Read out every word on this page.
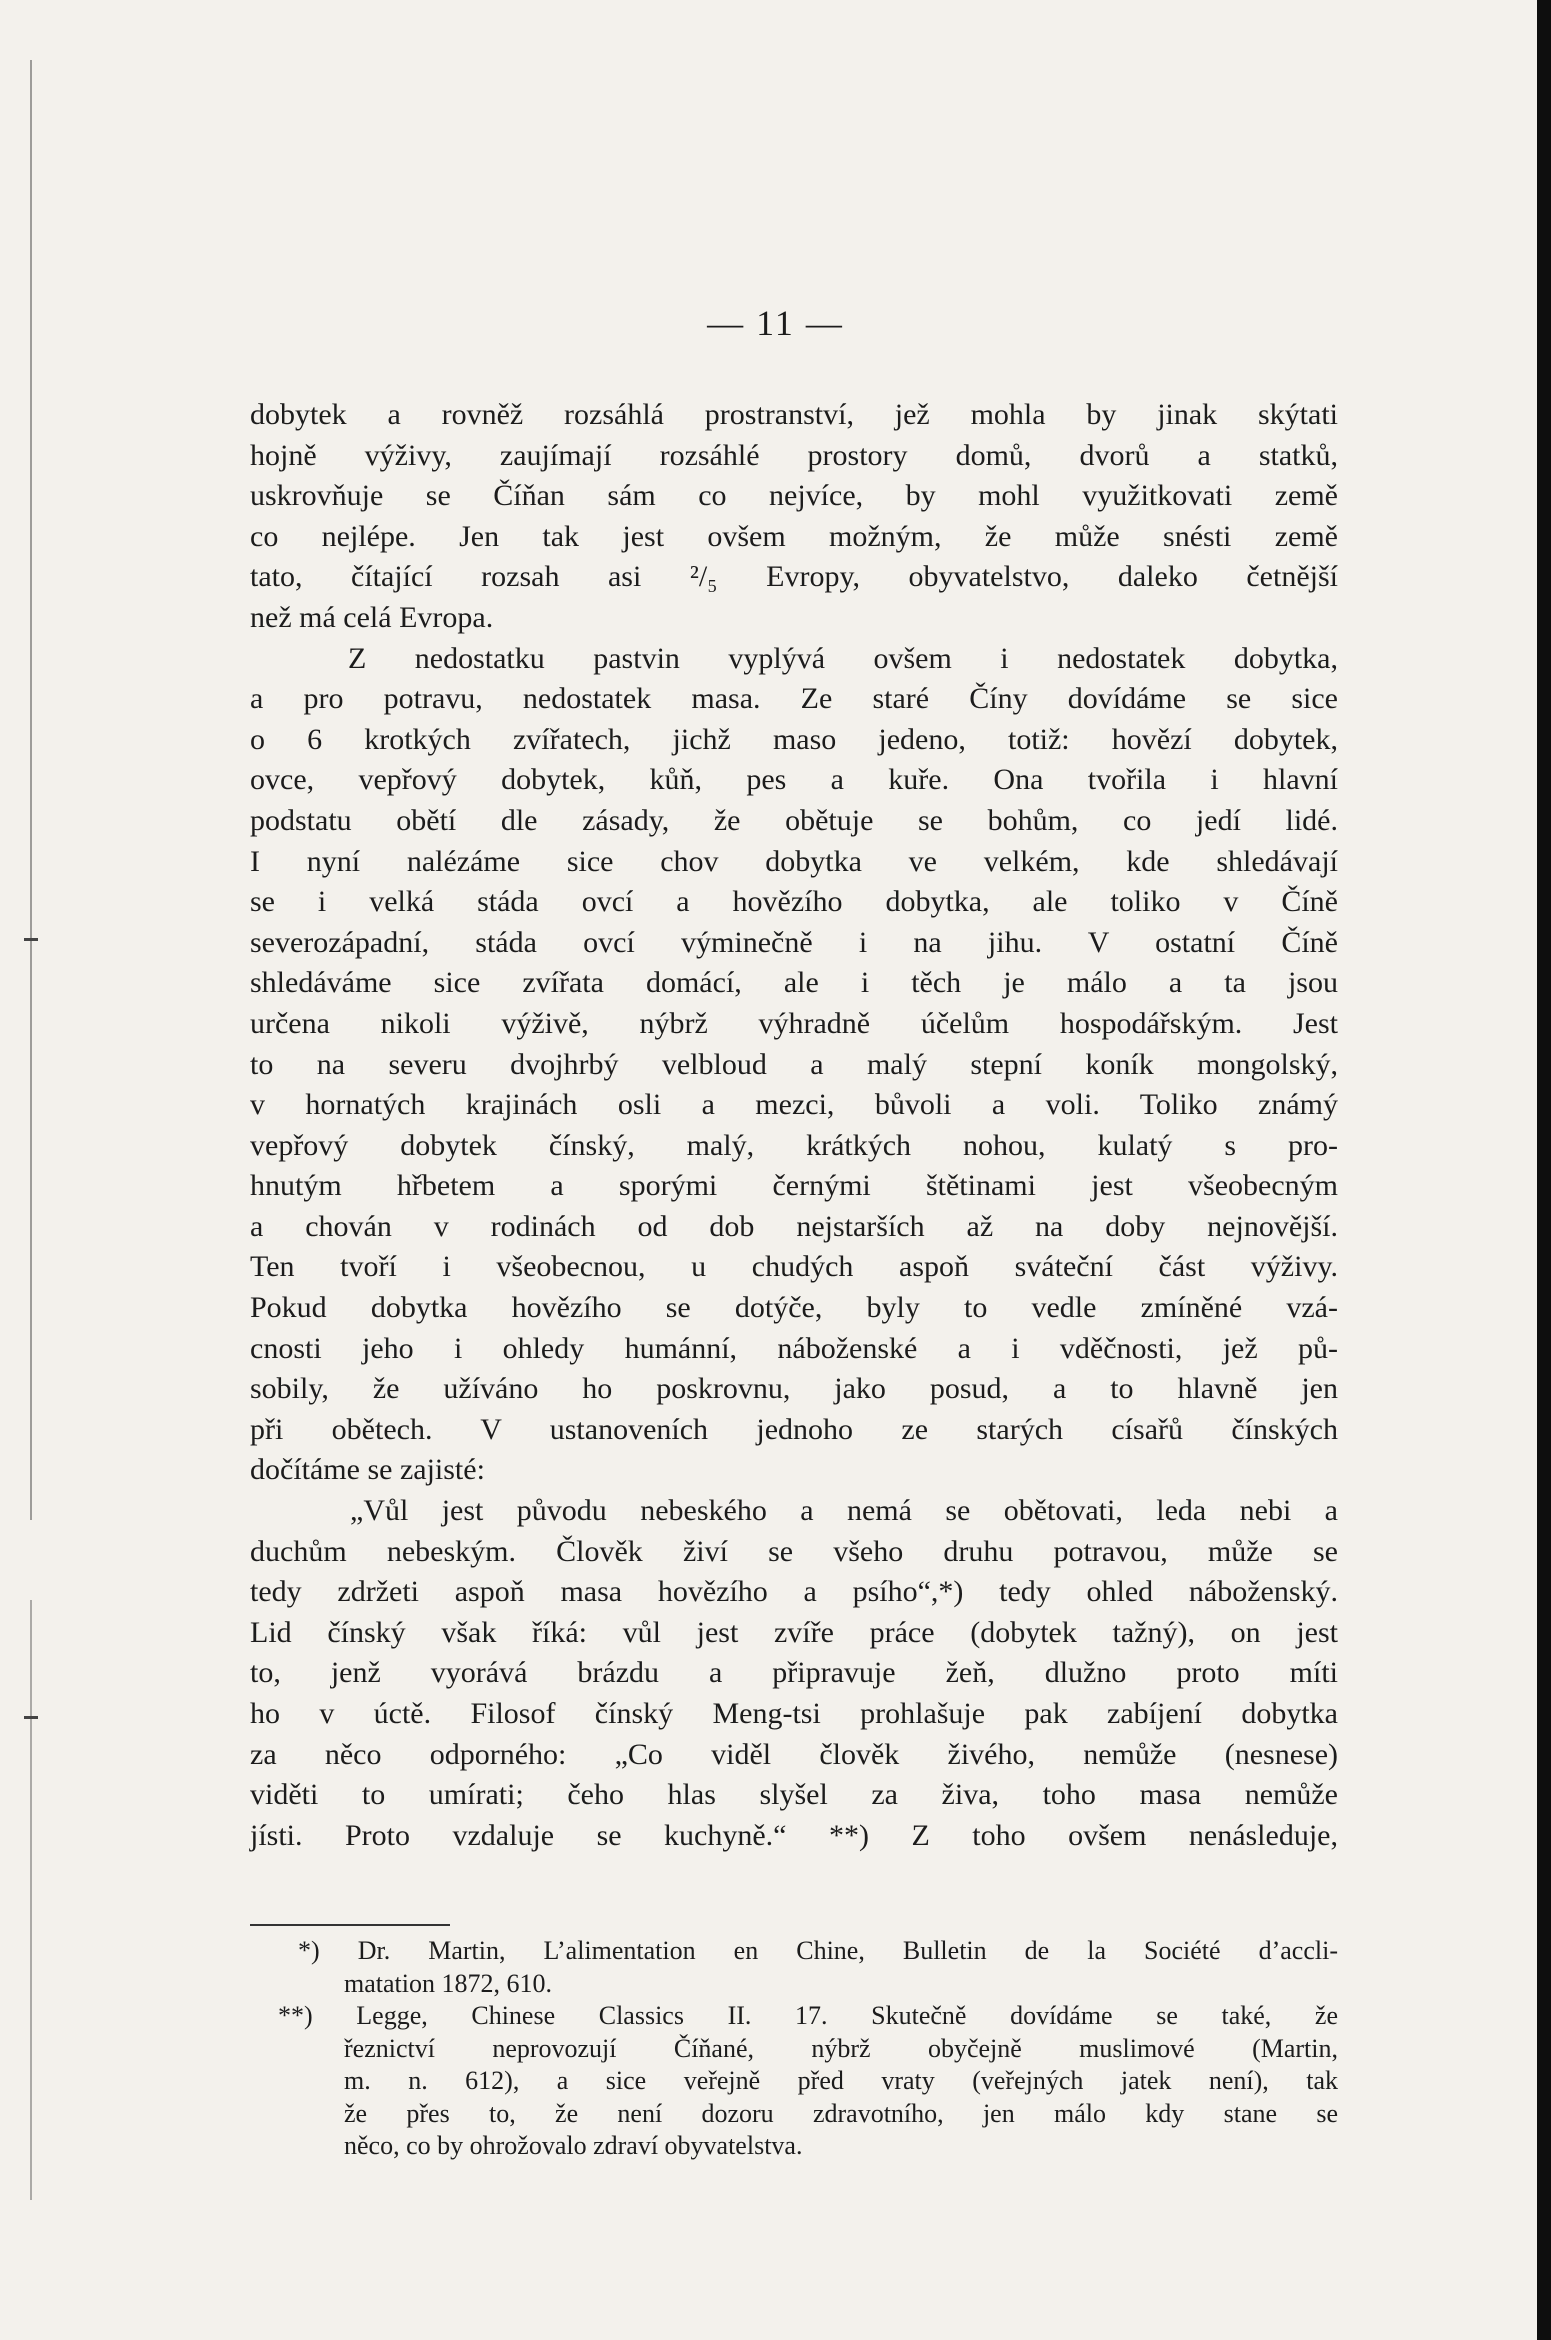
— 11 —
dobytek a rovněž rozsáhlá prostranství, jež mohla by jinak skýtati
hojně výživy, zaujímají rozsáhlé prostory domů, dvorů a statků,
uskrovňuje se Číňan sám co nejvíce, by mohl využitkovati země
co nejlépe. Jen tak jest ovšem možným, že může snésti země
tato, čítající rozsah asi ²/₅ Evropy, obyvatelstvo, daleko četnější
než má celá Evropa.
Z nedostatku pastvin vyplývá ovšem i nedostatek dobytka,
a pro potravu, nedostatek masa. Ze staré Číny dovídáme se sice
o 6 krotkých zvířatech, jichž maso jedeno, totiž: hovězí dobytek,
ovce, vepřový dobytek, kůň, pes a kuře. Ona tvořila i hlavní
podstatu obětí dle zásady, že obětuje se bohům, co jedí lidé.
I nyní nalézáme sice chov dobytka ve velkém, kde shledávají
se i velká stáda ovcí a hovězího dobytka, ale toliko v Číně
severozápadní, stáda ovcí výminečně i na jihu. V ostatní Číně
shledáváme sice zvířata domácí, ale i těch je málo a ta jsou
určena nikoli výživě, nýbrž výhradně účelům hospodářským. Jest
to na severu dvojhrbý velbloud a malý stepní koník mongolský,
v hornatých krajinách osli a mezci, bůvoli a voli. Toliko známý
vepřový dobytek čínský, malý, krátkých nohou, kulatý s pro-
hnutým hřbetem a sporými černými štětinami jest všeobecným
a chován v rodinách od dob nejstarších až na doby nejnovější.
Ten tvoří i všeobecnou, u chudých aspoň sváteční část výživy.
Pokud dobytka hovězího se dotýče, byly to vedle zmíněné vzá-
cnosti jeho i ohledy humánní, náboženské a i vděčnosti, jež pů-
sobily, že užíváno ho poskrovnu, jako posud, a to hlavně jen
při obětech. V ustanoveních jednoho ze starých císařů čínských
dočítáme se zajisté:
„Vůl jest původu nebeského a nemá se obětovati, leda nebi a
duchům nebeským. Člověk živí se všeho druhu potravou, může se
tedy zdržeti aspoň masa hovězího a psího“,*) tedy ohled náboženský.
Lid čínský však říká: vůl jest zvíře práce (dobytek tažný), on jest
to, jenž vyorává brázdu a připravuje žeň, dlužno proto míti
ho v úctě. Filosof čínský Meng-tsi prohlašuje pak zabíjení dobytka
za něco odporného: „Co viděl člověk živého, nemůže (nesnese)
viděti to umírati; čeho hlas slyšel za živa, toho masa nemůže
jísti. Proto vzdaluje se kuchyně.“ **) Z toho ovšem nenásleduje,
*) Dr. Martin, L’alimentation en Chine, Bulletin de la Société d’accli-
matation 1872, 610.
**) Legge, Chinese Classics II. 17. Skutečně dovídáme se také, že
řeznictví neprovozují Číňané, nýbrž obyčejně muslimové (Martin,
m. n. 612), a sice veřejně před vraty (veřejných jatek není), tak
že přes to, že není dozoru zdravotního, jen málo kdy stane se
něco, co by ohrožovalo zdraví obyvatelstva.
